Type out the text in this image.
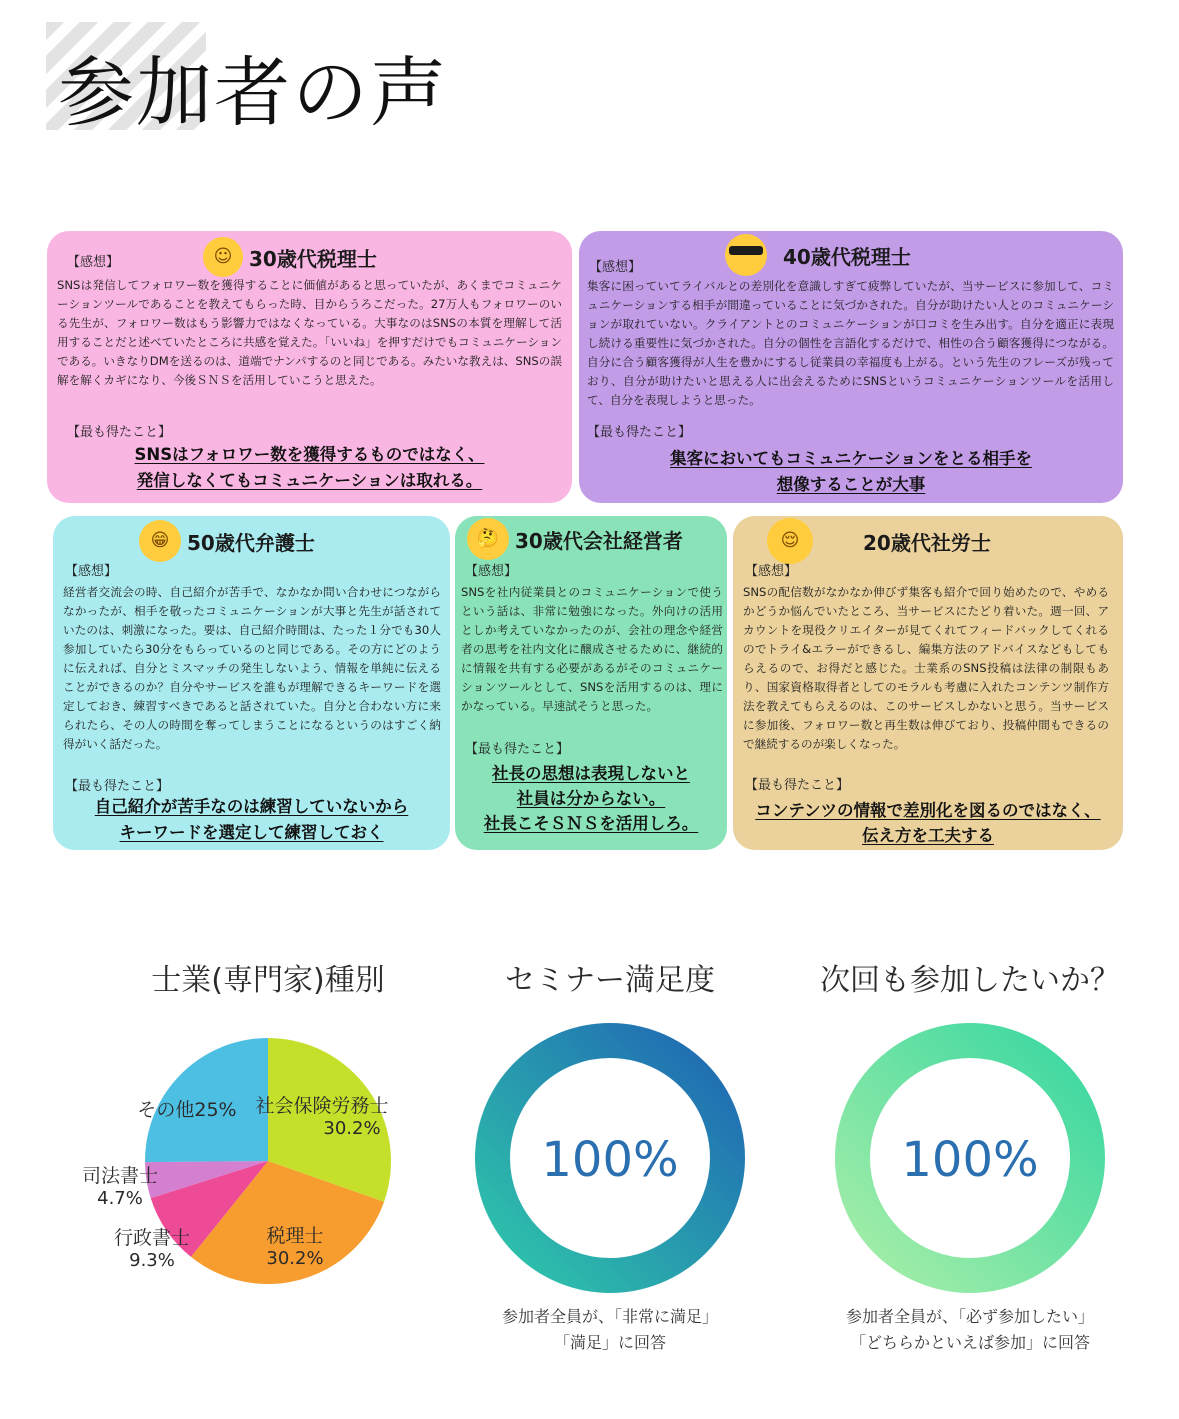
参加者の声
【感想】	☺ 30歳代税理士
SNSは発信してフォロワー数を獲得することに価値があると思っていたが、あくまでコミュニケーションツールであることを教えてもらった時、目からうろこだった。27万人もフォロワーのいる先生が、フォロワー数はもう影響力ではなくなっている。大事なのはSNSの本質を理解して活用することだと述べていたところに共感を覚えた。「いいね」を押すだけでもコミュニケーションである。いきなりDMを送るのは、道端でナンパするのと同じである。みたいな教えは、SNSの誤解を解くカギになり、今後ＳＮＳを活用していこうと思えた。
【最も得たこと】
SNSはフォロワー数を獲得するものではなく、
発信しなくてもコミュニケーションは取れる。
【感想】	40歳代税理士
集客に困っていてライバルとの差別化を意識しすぎて疲弊していたが、当サービスに参加して、コミュニケーションする相手が間違っていることに気づかされた。自分が助けたい人とのコミュニケーションが取れていない。クライアントとのコミュニケーションが口コミを生み出す。自分を適正に表現し続ける重要性に気づかされた。自分の個性を言語化するだけで、相性の合う顧客獲得につながる。自分に合う顧客獲得が人生を豊かにするし従業員の幸福度も上がる。という先生のフレーズが残っており、自分が助けたいと思える人に出会えるためにSNSというコミュニケーションツールを活用して、自分を表現しようと思った。
【最も得たこと】
集客においてもコミュニケーションをとる相手を
想像することが大事
😁 50歳代弁護士
【感想】
経営者交流会の時、自己紹介が苦手で、なかなか問い合わせにつながらなかったが、相手を敬ったコミュニケーションが大事と先生が話されていたのは、刺激になった。要は、自己紹介時間は、たった１分でも30人参加していたら30分をもらっているのと同じである。その方にどのように伝えれば、自分とミスマッチの発生しないよう、情報を単純に伝えることができるのか？自分やサービスを誰もが理解できるキーワードを選定しておき、練習すべきであると話されていた。自分と合わない方に来られたら、その人の時間を奪ってしまうことになるというのはすごく納得がいく話だった。
【最も得たこと】
自己紹介が苦手なのは練習していないから
キーワードを選定して練習しておく
🤔 30歳代会社経営者
【感想】
SNSを社内従業員とのコミュニケーションで使うという話は、非常に勉強になった。外向けの活用としか考えていなかったのが、会社の理念や経営者の思考を社内文化に醸成させるために、継続的に情報を共有する必要があるがそのコミュニケーションツールとして、SNSを活用するのは、理にかなっている。早速試そうと思った。
【最も得たこと】
社長の思想は表現しないと
社員は分からない。
社長こそＳＮＳを活用しろ。
😌	20歳代社労士
【感想】
SNSの配信数がなかなか伸びず集客も紹介で回り始めたので、やめるかどうか悩んでいたところ、当サービスにたどり着いた。週一回、アカウントを現役クリエイターが見てくれてフィードバックしてくれるのでトライ&エラーができるし、編集方法のアドバイスなどもしてもらえるので、お得だと感じた。士業系のSNS投稿は法律の制限もあり、国家資格取得者としてのモラルも考慮に入れたコンテンツ制作方法を教えてもらえるのは、このサービスしかないと思う。当サービスに参加後、フォロワー数と再生数は伸びており、投稿仲間もできるので継続するのが楽しくなった。
【最も得たこと】
コンテンツの情報で差別化を図るのではなく、
伝え方を工夫する
士業(専門家)種別	セミナー満足度	次回も参加したいか？
社会保険労務士
30.2%
税理士
30.2%
行政書士
9.3%
司法書士
4.7%
その他25%
100%	100%
参加者全員が、「非常に満足」
「満足」に回答
参加者全員が、「必ず参加したい」
「どちらかといえば参加」に回答
